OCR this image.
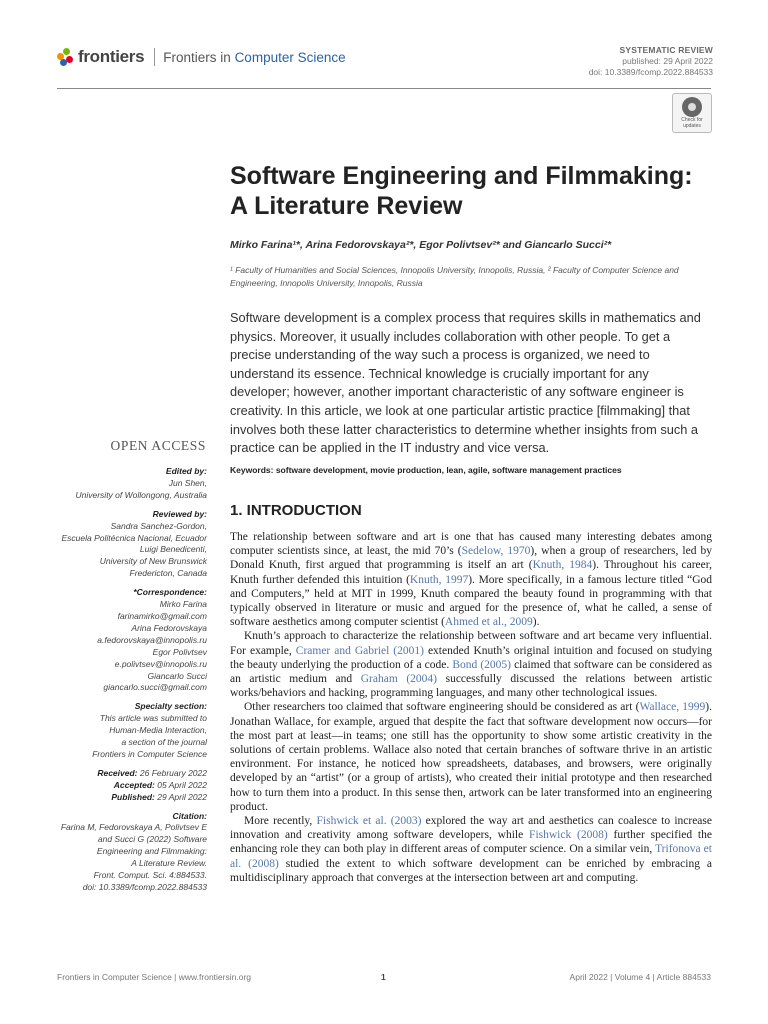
frontiers Frontiers in Computer Science	SYSTEMATIC REVIEW
published: 29 April 2022
doi: 10.3389/fcomp.2022.884533
Check for
updates
Software Engineering and Filmmaking: A Literature Review
Mirko Farina¹*, Arina Fedorovskaya²*, Egor Polivtsev²* and Giancarlo Succi²*
¹ Faculty of Humanities and Social Sciences, Innopolis University, Innopolis, Russia, ² Faculty of Computer Science and Engineering, Innopolis University, Innopolis, Russia
Software development is a complex process that requires skills in mathematics and physics. Moreover, it usually includes collaboration with other people. To get a precise understanding of the way such a process is organized, we need to understand its essence. Technical knowledge is crucially important for any developer; however, another important characteristic of any software engineer is creativity. In this article, we look at one particular artistic practice [filmmaking] that involves both these latter characteristics to determine whether insights from such a practice can be applied in the IT industry and vice versa.
Keywords: software development, movie production, lean, agile, software management practices
OPEN ACCESS
Edited by:
Jun Shen,
University of Wollongong, Australia
Reviewed by:
Sandra Sanchez-Gordon,
Escuela Politécnica Nacional, Ecuador
Luigi Benedicenti,
University of New Brunswick
Fredericton, Canada
*Correspondence:
Mirko Farina
farinamirko@gmail.com
Arina Fedorovskaya
a.fedorovskaya@innopolis.ru
Egor Polivtsev
e.polivtsev@innopolis.ru
Giancarlo Succi
giancarlo.succi@gmail.com
Specialty section:
This article was submitted to
Human-Media Interaction,
a section of the journal
Frontiers in Computer Science
Received: 26 February 2022
Accepted: 05 April 2022
Published: 29 April 2022
Citation:
Farina M, Fedorovskaya A, Polivtsev E
and Succi G (2022) Software
Engineering and Filmmaking:
A Literature Review.
Front. Comput. Sci. 4:884533.
doi: 10.3389/fcomp.2022.884533
1. INTRODUCTION

The relationship between software and art is one that has caused many interesting debates among computer scientists since, at least, the mid 70’s (Sedelow, 1970), when a group of researchers, led by Donald Knuth, first argued that programming is itself an art (Knuth, 1984). Throughout his career, Knuth further defended this intuition (Knuth, 1997). More specifically, in a famous lecture titled “God and Computers,” held at MIT in 1999, Knuth compared the beauty found in programming with that typically observed in literature or music and argued for the presence of, what he called, a sense of software aesthetics among computer scientist (Ahmed et al., 2009).

Knuth’s approach to characterize the relationship between software and art became very influential. For example, Cramer and Gabriel (2001) extended Knuth’s original intuition and focused on studying the beauty underlying the production of a code. Bond (2005) claimed that software can be considered as an artistic medium and Graham (2004) successfully discussed the relations between artistic works/behaviors and hacking, programming languages, and many other technological issues.

Other researchers too claimed that software engineering should be considered as art (Wallace, 1999). Jonathan Wallace, for example, argued that despite the fact that software development now occurs—for the most part at least—in teams; one still has the opportunity to show some artistic creativity in the solutions of certain problems. Wallace also noted that certain branches of software thrive in an artistic environment. For instance, he noticed how spreadsheets, databases, and browsers, were originally developed by an “artist” (or a group of artists), who created their initial prototype and then researched how to turn them into a product. In this sense then, artwork can be later transformed into an engineering product.

More recently, Fishwick et al. (2003) explored the way art and aesthetics can coalesce to increase innovation and creativity among software developers, while Fishwick (2008) further specified the enhancing role they can both play in different areas of computer science. On a similar vein, Trifonova et al. (2008) studied the extent to which software development can be enriched by embracing a multidisciplinary approach that converges at the intersection between art and computing.

Frontiers in Computer Science | www.frontiersin.org	1	April 2022 | Volume 4 | Article 884533
